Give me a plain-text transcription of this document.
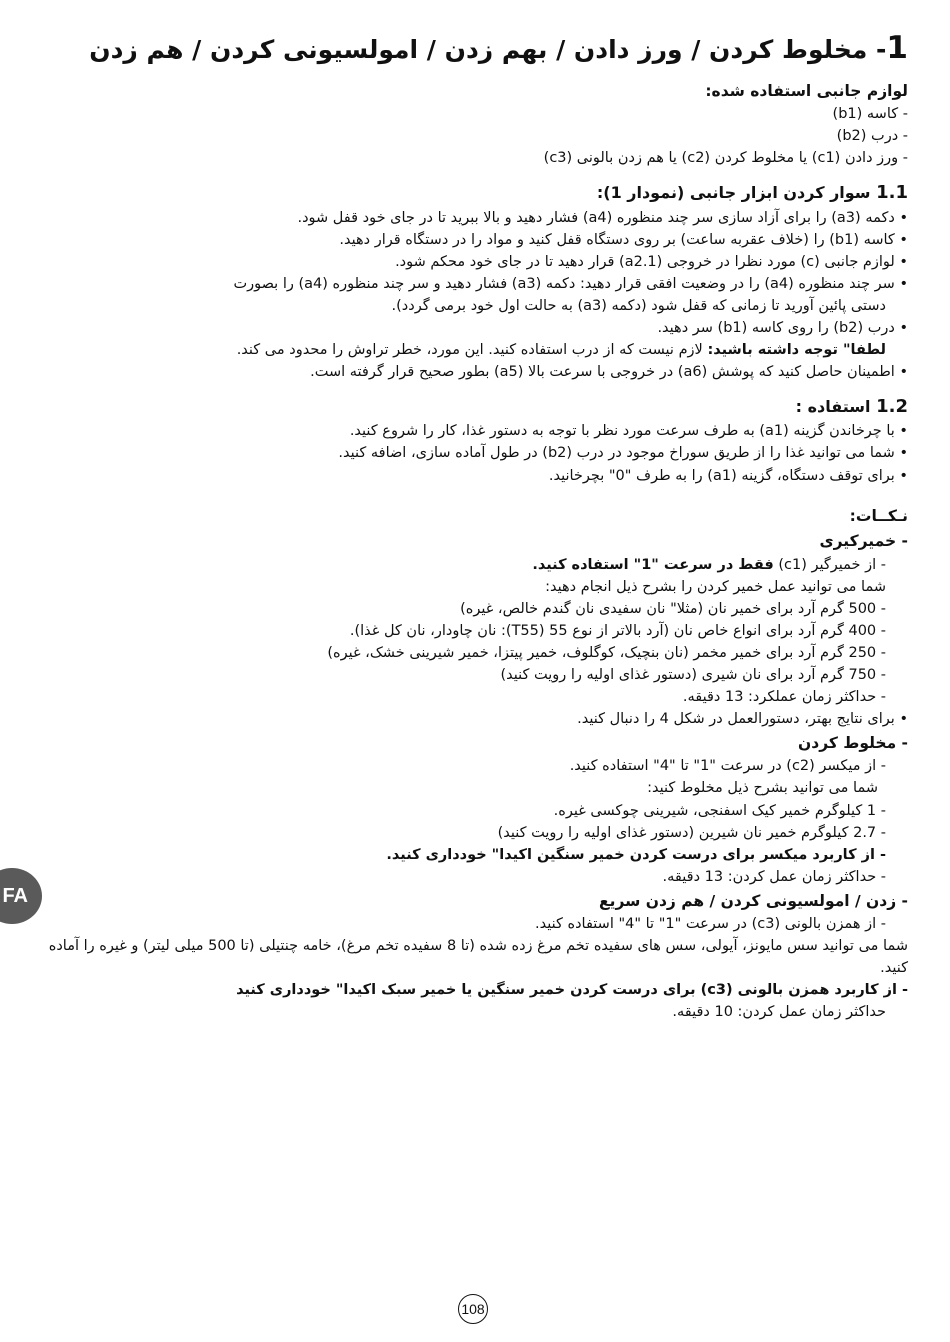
1- مخلوط کردن / ورز دادن / بهم زدن / امولسیونی کردن / هم زدن
لوازم جانبی استفاده شده:
- کاسه (b1)
- درب (b2)
- ورز دادن (c1) یا مخلوط کردن (c2) یا هم زدن بالونی (c3)
1.1 سوار کردن ابزار جانبی (نمودار 1):
• دکمه (a3) را برای آزاد سازی سر چند منظوره (a4) فشار دهید و بالا ببرید تا در جای خود قفل شود.
• کاسه (b1) را (خلاف عقربه ساعت) بر روی دستگاه قفل کنید و مواد را در دستگاه قرار دهید.
• لوازم جانبی (c) مورد نظرا در خروجی (a2.1) قرار دهید تا در جای خود محکم شود.
• سر چند منظوره (a4) را در وضعیت افقی قرار دهید: دکمه (a3) فشار دهید و سر چند منظوره (a4) را بصورت
دستی پائین آورید تا زمانی که قفل شود (دکمه (a3) به حالت اول خود برمی گردد).
• درب (b2) را روی کاسه (b1) سر دهید.
لطفا" توجه داشته باشید: لازم نیست که از درب استفاده کنید. این مورد، خطر تراوش را محدود می کند.
• اطمینان حاصل کنید که پوشش (a6) در خروجی با سرعت بالا (a5) بطور صحیح قرار گرفته است.
1.2 استفاده :
• با چرخاندن گزینه (a1) به طرف سرعت مورد نظر با توجه به دستور غذا، کار را شروع کنید.
• شما می توانید غذا را از طریق سوراخ موجود در درب (b2) در طول آماده سازی، اضافه کنید.
• برای توقف دستگاه، گزینه (a1) را به طرف "0" بچرخانید.
نـکــات:
- خمیرکیری
- از خمیرگیر (c1) فقط در سرعت "1" استفاده کنید.
شما می توانید عمل خمیر کردن را بشرح ذیل انجام دهید:
- 500 گرم آرد برای خمیر نان (مثلا" نان سفیدی نان گندم خالص، غیره)
- 400 گرم آرد برای انواع خاص نان (آرد بالاتر از نوع 55 (T55): نان چاودار، نان کل غذا).
- 250 گرم آرد برای خمیر مخمر (نان بنچیک، کوگلوف، خمیر پیتزا، خمیر شیرینی خشک، غیره)
- 750 گرم آرد برای نان شیری (دستور غذای اولیه را رویت کنید)
- حداکثر زمان عملکرد: 13 دقیقه.
• برای نتایج بهتر، دستورالعمل در شکل 4 را دنبال کنید.
- مخلوط کردن
- از میکسر (c2) در سرعت "1" تا "4" استفاده کنید.
شما می توانید بشرح ذیل مخلوط کنید:
- 1 کیلوگرم خمیر کیک اسفنجی، شیرینی چوکسی غیره.
- 2.7 کیلوگرم خمیر نان شیرین (دستور غذای اولیه را رویت کنید)
- از کاربرد میکسر برای درست کردن خمیر سنگین اکیدا" خودداری کنید.
- حداکثر زمان عمل کردن: 13 دقیقه.
- زدن / امولسیونی کردن / هم زدن سریع
- از همزن بالونی (c3) در سرعت "1" تا "4" استفاده کنید.
شما می توانید سس مایونز، آیولی، سس های سفیده تخم مرغ زده شده (تا 8 سفیده تخم مرغ)، خامه چنتیلی (تا 500 میلی لیتر) و غیره را آماده کنید.
- از کاربرد همزن بالونی (c3) برای درست کردن خمیر سنگین یا خمیر سبک اکیدا" خودداری کنید
حداکثر زمان عمل کردن: 10 دقیقه.
FA
108
